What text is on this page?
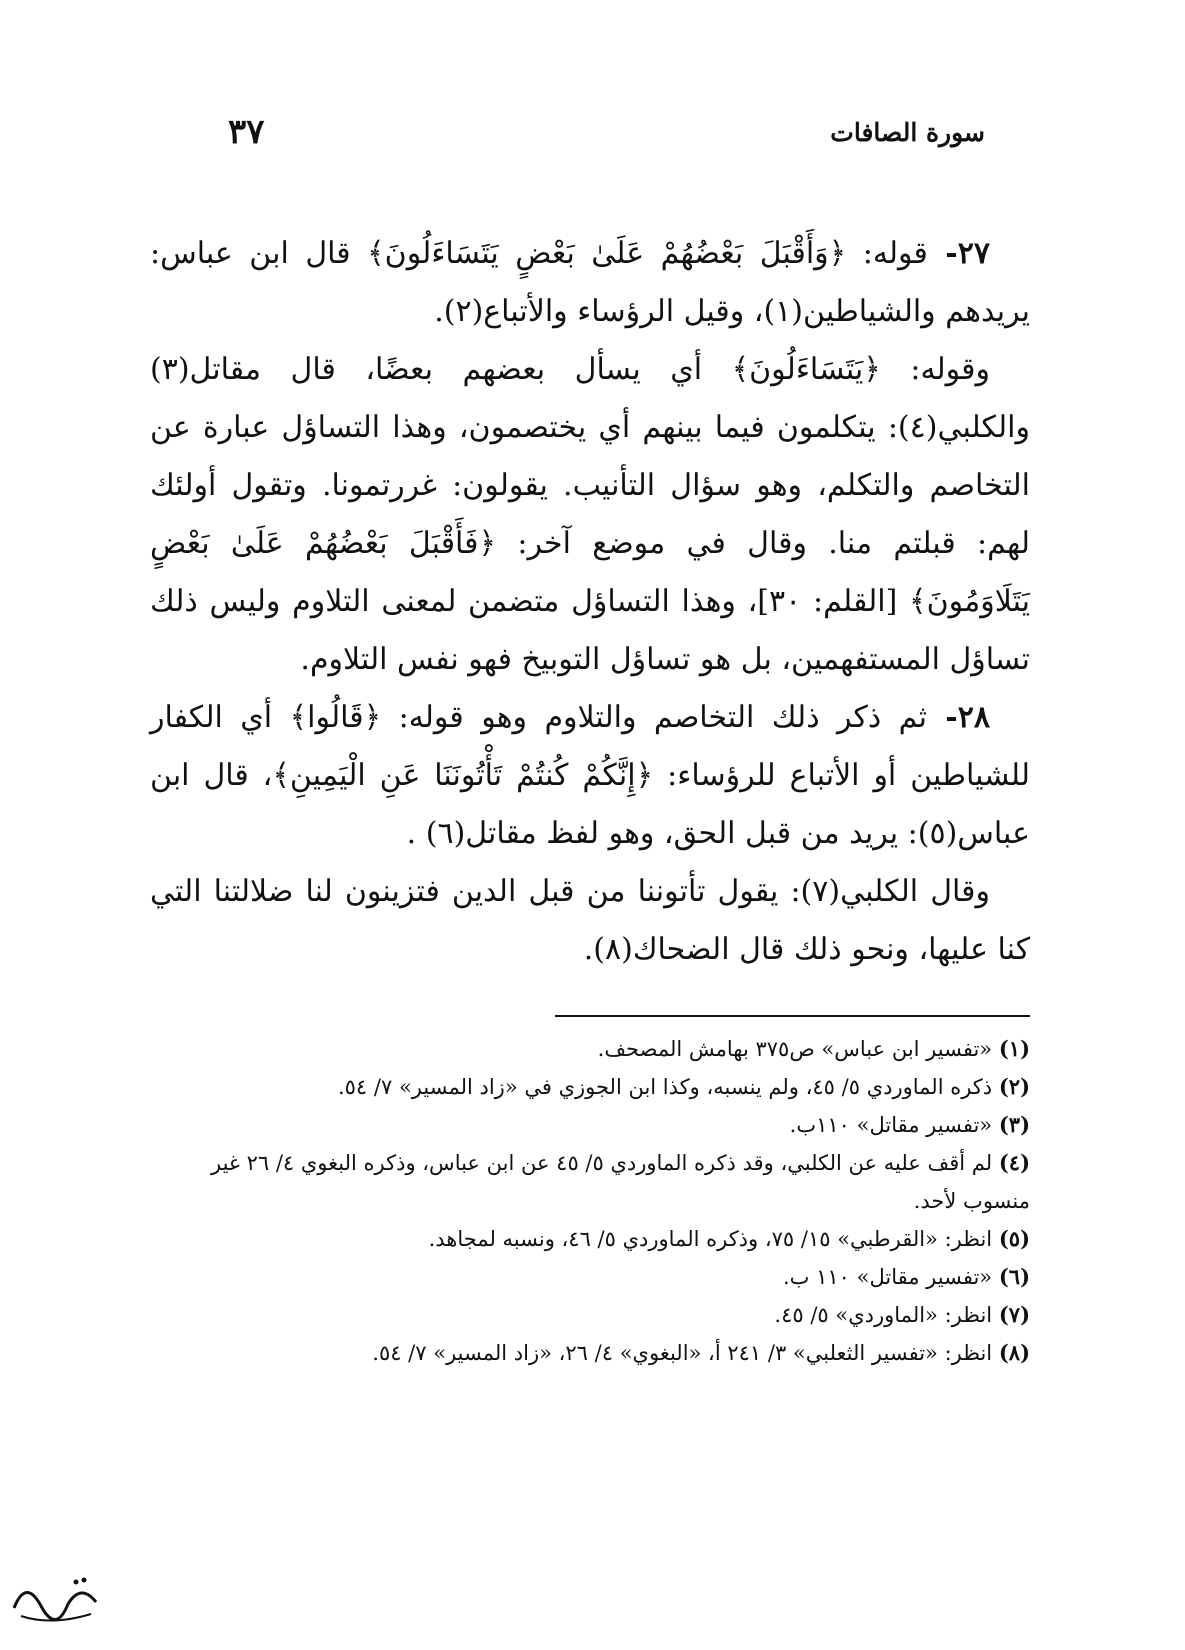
سورة الصافات
٣٧

٢٧- قوله: ﴿وَأَقْبَلَ بَعْضُهُمْ عَلَىٰ بَعْضٍ يَتَسَاءَلُونَ﴾ قال ابن عباس: يريدهم والشياطين(١)، وقيل الرؤساء والأتباع(٢).

وقوله: ﴿يَتَسَاءَلُونَ﴾ أي يسأل بعضهم بعضًا، قال مقاتل(٣) والكلبي(٤): يتكلمون فيما بينهم أي يختصمون، وهذا التساؤل عبارة عن التخاصم والتكلم، وهو سؤال التأنيب. يقولون: غررتمونا. وتقول أولئك لهم: قبلتم منا. وقال في موضع آخر: ﴿فَأَقْبَلَ بَعْضُهُمْ عَلَىٰ بَعْضٍ يَتَلَاوَمُونَ﴾ [القلم: ٣٠]، وهذا التساؤل متضمن لمعنى التلاوم وليس ذلك تساؤل المستفهمين، بل هو تساؤل التوبيخ فهو نفس التلاوم.

٢٨- ثم ذكر ذلك التخاصم والتلاوم وهو قوله: ﴿قَالُوا﴾ أي الكفار للشياطين أو الأتباع للرؤساء: ﴿إِنَّكُمْ كُنتُمْ تَأْتُونَنَا عَنِ الْيَمِينِ﴾، قال ابن عباس(٥): يريد من قبل الحق، وهو لفظ مقاتل(٦) .

وقال الكلبي(٧): يقول تأتوننا من قبل الدين فتزينون لنا ضلالتنا التي كنا عليها، ونحو ذلك قال الضحاك(٨).

(١) «تفسير ابن عباس» ص٣٧٥ بهامش المصحف.

(٢) ذكره الماوردي ٥/ ٤٥، ولم ينسبه، وكذا ابن الجوزي في «زاد المسير» ٧/ ٥٤.

(٣) «تفسير مقاتل» ١١٠ب.

(٤) لم أقف عليه عن الكلبي، وقد ذكره الماوردي ٥/ ٤٥ عن ابن عباس، وذكره البغوي ٤/ ٢٦ غير منسوب لأحد.

(٥) انظر: «القرطبي» ١٥/ ٧٥، وذكره الماوردي ٥/ ٤٦، ونسبه لمجاهد.

(٦) «تفسير مقاتل» ١١٠ ب.

(٧) انظر: «الماوردي» ٥/ ٤٥.

(٨) انظر: «تفسير الثعلبي» ٣/ ٢٤١ أ، «البغوي» ٤/ ٢٦، «زاد المسير» ٧/ ٥٤.
